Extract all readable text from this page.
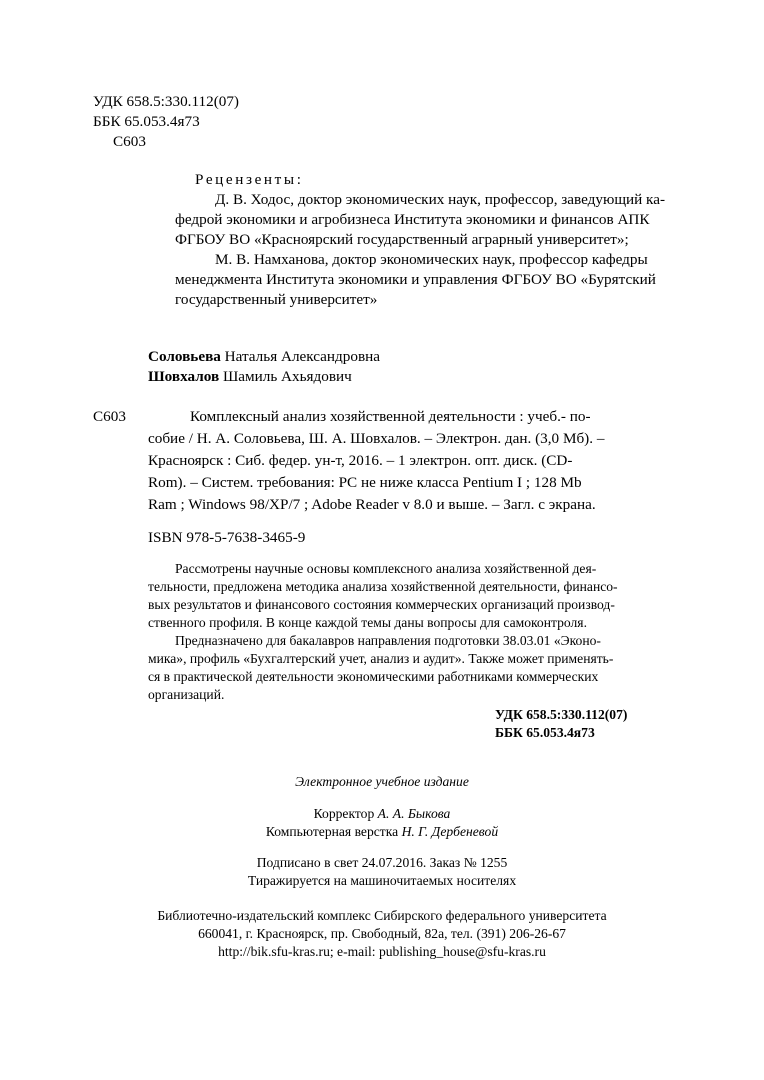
УДК 658.5:330.112(07)
ББК 65.053.4я73
С603
Рецензенты:
Д. В. Ходос, доктор экономических наук, профессор, заведующий ка-
федрой экономики и агробизнеса Института экономики и финансов АПК
ФГБОУ ВО «Красноярский государственный аграрный университет»;
М. В. Намханова, доктор экономических наук, профессор кафедры
менеджмента Института экономики и управления ФГБОУ ВО «Бурятский
государственный университет»
Соловьева Наталья Александровна
Шовхалов Шамиль Ахьядович
С603	Комплексный анализ хозяйственной деятельности : учеб.- по-
собие / Н. А. Соловьева, Ш. А. Шовхалов. – Электрон. дан. (3,0 Мб). –
Красноярск : Сиб. федер. ун-т, 2016. – 1 электрон. опт. диск. (CD-
Rom). – Систем. требования: PC не ниже класса Pentium I ; 128 Mb
Ram ; Windows 98/XP/7 ; Adobe Reader v 8.0 и выше. – Загл. с экрана.
ISBN 978-5-7638-3465-9
Рассмотрены научные основы комплексного анализа хозяйственной дея-
тельности, предложена методика анализа хозяйственной деятельности, финансо-
вых результатов и финансового состояния коммерческих организаций производ-
ственного профиля. В конце каждой темы даны вопросы для самоконтроля.
Предназначено для бакалавров направления подготовки 38.03.01 «Эконо-
мика», профиль «Бухгалтерский учет, анализ и аудит». Также может применять-
ся в практической деятельности экономическими работниками коммерческих
организаций.
УДК 658.5:330.112(07)
ББК 65.053.4я73
Электронное учебное издание
Корректор А. А. Быкова
Компьютерная верстка Н. Г. Дербеневой
Подписано в свет 24.07.2016. Заказ № 1255
Тиражируется на машиночитаемых носителях
Библиотечно-издательский комплекс Сибирского федерального университета
660041, г. Красноярск, пр. Свободный, 82а, тел. (391) 206-26-67
http://bik.sfu-kras.ru; e-mail: publishing_house@sfu-kras.ru
